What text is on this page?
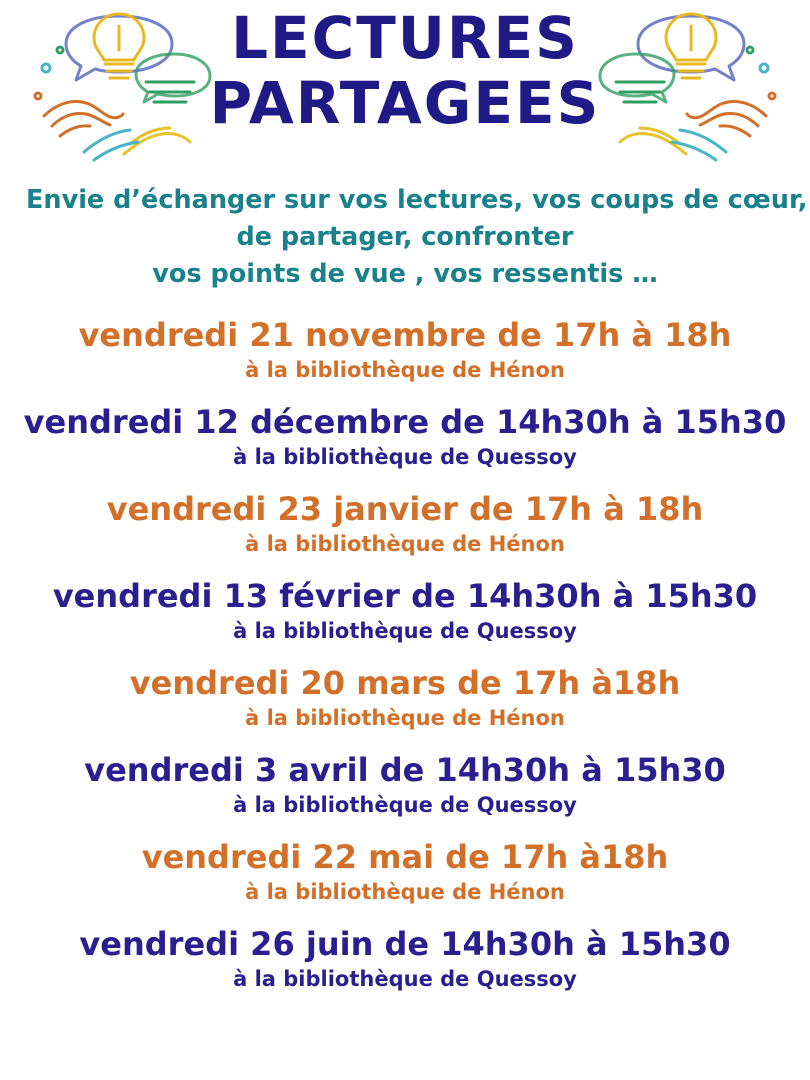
LECTURES
PARTAGEES
Envie d’échanger sur vos lectures, vos coups de cœur,
de partager, confronter
vos points de vue , vos ressentis …
vendredi 21 novembre de 17h à 18h
à la bibliothèque de Hénon
vendredi 12 décembre de 14h30h à 15h30
à la bibliothèque de Quessoy
vendredi 23 janvier de 17h à 18h
à la bibliothèque de Hénon
vendredi 13 février de 14h30h à 15h30
à la bibliothèque de Quessoy
vendredi 20 mars de 17h à18h
à la bibliothèque de Hénon
vendredi 3 avril de 14h30h à 15h30
à la bibliothèque de Quessoy
vendredi 22 mai de 17h à18h
à la bibliothèque de Hénon
vendredi 26 juin de 14h30h à 15h30
à la bibliothèque de Quessoy
